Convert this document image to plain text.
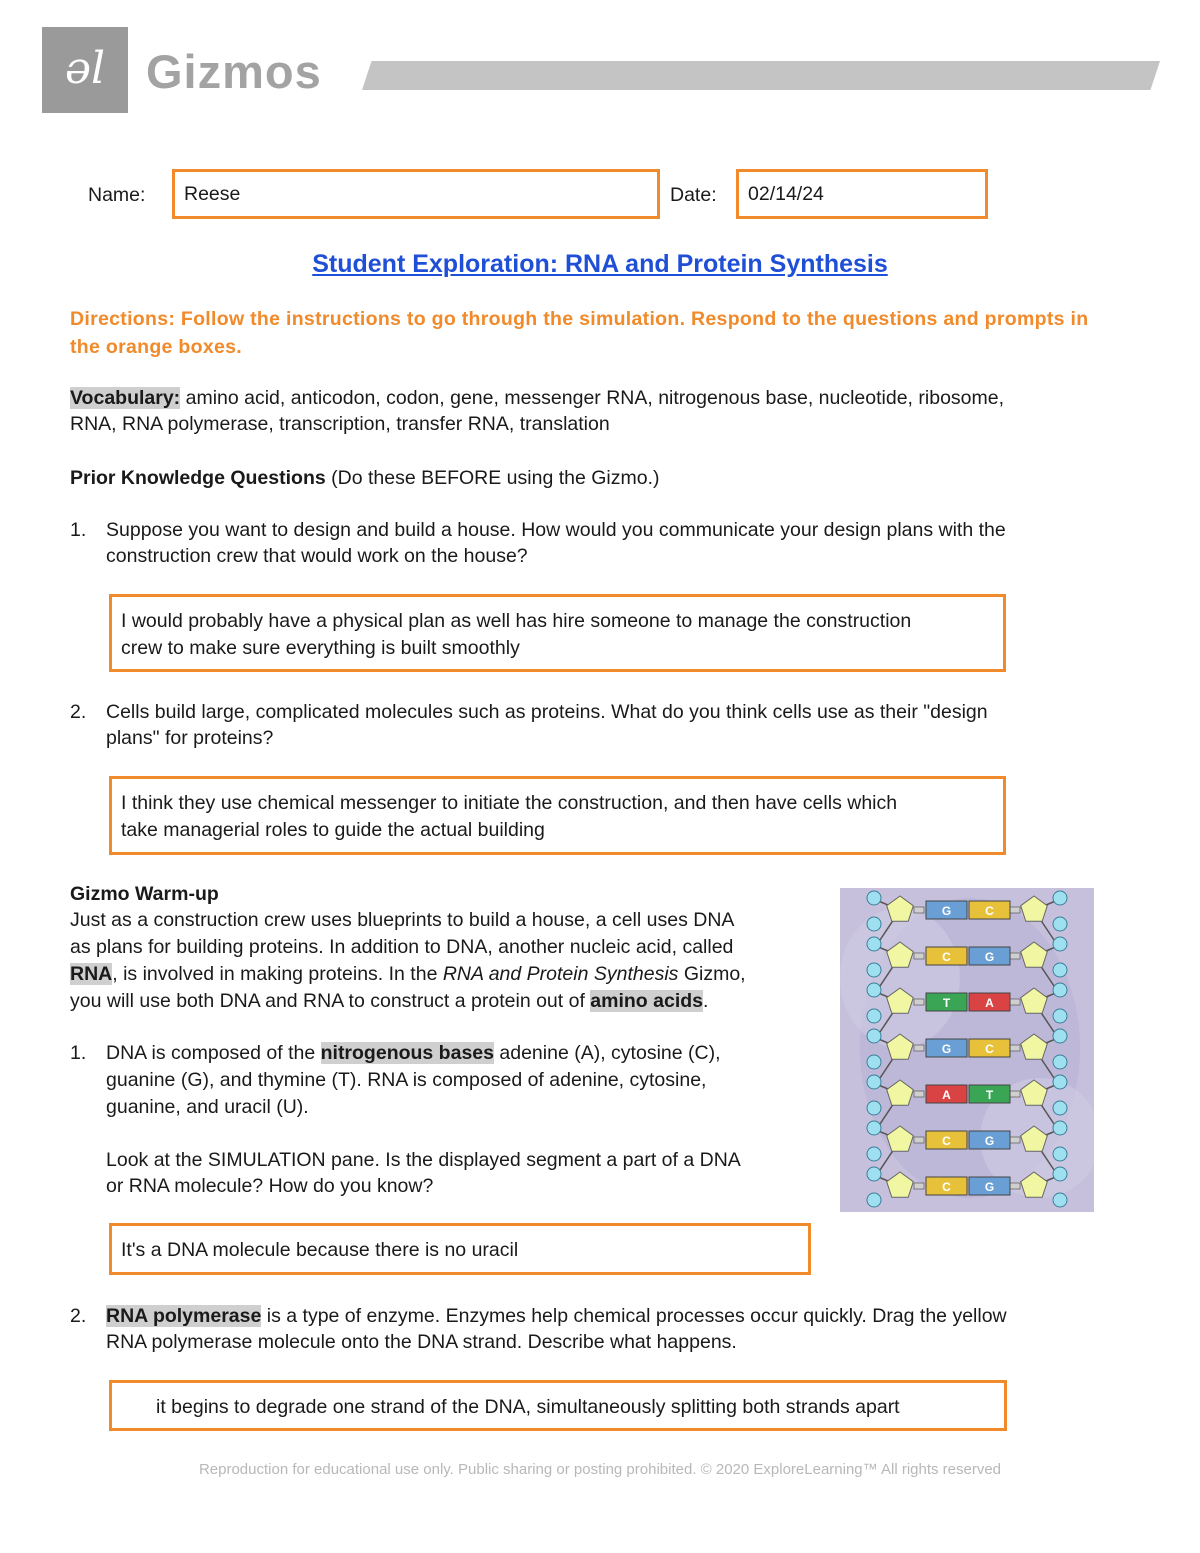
ǝl Gizmos
Name:	Reese	Date:	02/14/24
Student Exploration: RNA and Protein Synthesis
Directions: Follow the instructions to go through the simulation. Respond to the questions and prompts in the orange boxes.
Vocabulary: amino acid, anticodon, codon, gene, messenger RNA, nitrogenous base, nucleotide, ribosome,
RNA, RNA polymerase, transcription, transfer RNA, translation
Prior Knowledge Questions (Do these BEFORE using the Gizmo.)
1. Suppose you want to design and build a house. How would you communicate your design plans with the
construction crew that would work on the house?
I would probably have a physical plan as well has hire someone to manage the construction
crew to make sure everything is built smoothly
2. Cells build large, complicated molecules such as proteins. What do you think cells use as their "design
plans" for proteins?
I think they use chemical messenger to initiate the construction, and then have cells which
take managerial roles to guide the actual building
Gizmo Warm-up
Just as a construction crew uses blueprints to build a house, a cell uses DNA
as plans for building proteins. In addition to DNA, another nucleic acid, called
RNA, is involved in making proteins. In the RNA and Protein Synthesis Gizmo,
you will use both DNA and RNA to construct a protein out of amino acids.
1. DNA is composed of the nitrogenous bases adenine (A), cytosine (C),
guanine (G), and thymine (T). RNA is composed of adenine, cytosine,
guanine, and uracil (U).
Look at the SIMULATION pane. Is the displayed segment a part of a DNA
or RNA molecule? How do you know?
It's a DNA molecule because there is no uracil
G	C
C	G
T	A
G	C
A	T
C	G
C	G
2. RNA polymerase is a type of enzyme. Enzymes help chemical processes occur quickly. Drag the yellow
RNA polymerase molecule onto the DNA strand. Describe what happens.
it begins to degrade one strand of the DNA, simultaneously splitting both strands apart
Reproduction for educational use only. Public sharing or posting prohibited. © 2020 ExploreLearning™ All rights reserved
